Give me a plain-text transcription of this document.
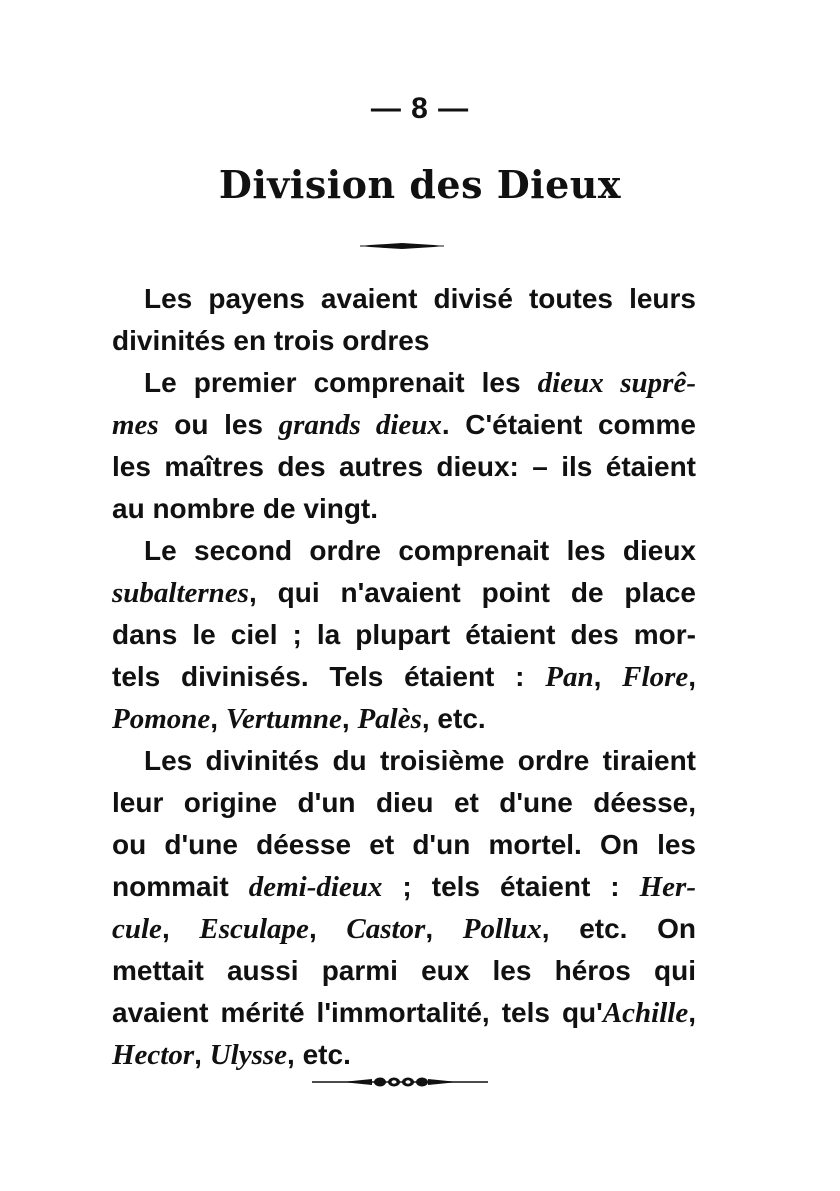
— 8 —
Division des Dieux

Les payens avaient divisé toutes leurs
divinités en trois ordres

Le premier comprenait les dieux suprê-
mes ou les grands dieux. C'étaient comme
les maîtres des autres dieux: – ils étaient
au nombre de vingt.

Le second ordre comprenait les dieux
subalternes, qui n'avaient point de place
dans le ciel ; la plupart étaient des mor-
tels divinisés. Tels étaient : Pan, Flore,
Pomone, Vertumne, Palès, etc.

Les divinités du troisième ordre tiraient
leur origine d'un dieu et d'une déesse,
ou d'une déesse et d'un mortel. On les
nommait demi-dieux ; tels étaient : Her-
cule, Esculape, Castor, Pollux, etc. On
mettait aussi parmi eux les héros qui
avaient mérité l'immortalité, tels qu'Achille,
Hector, Ulysse, etc.
